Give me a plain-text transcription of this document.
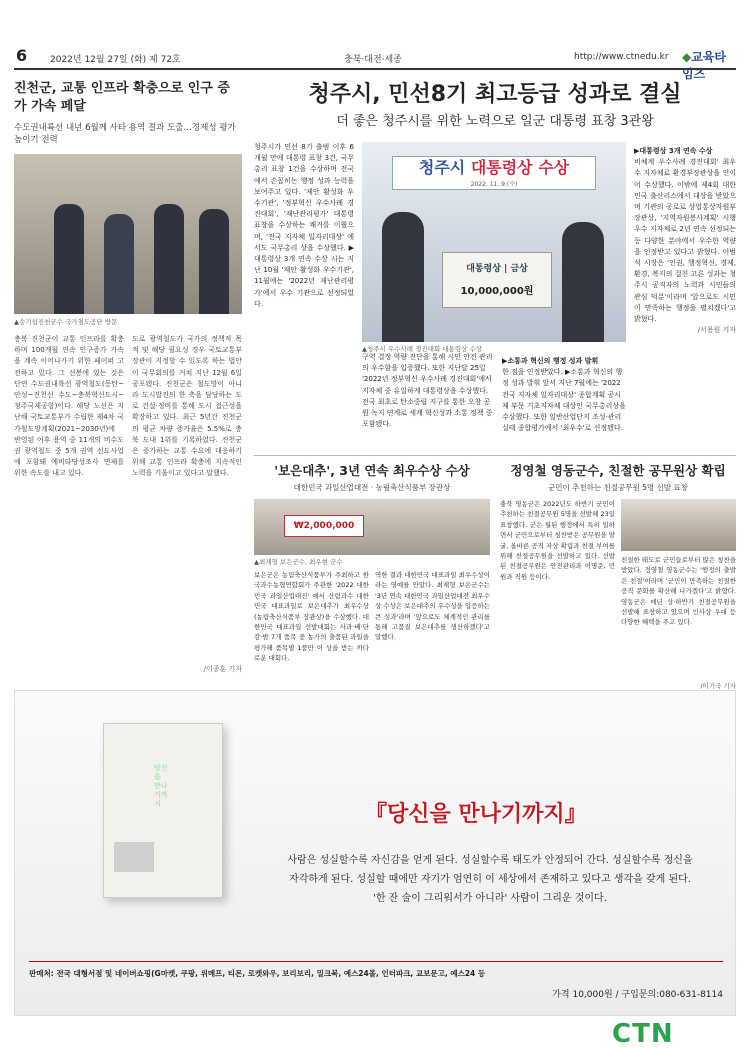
6	2022년 12월 27일 (화) 제 72호	충북·대전·세종	http://www.ctnedu.kr ◆교육타임즈
진천군, 교통 인프라 확충으로 인구 증가 가속 페달
수도권내륙선 내년 6월께 사타 용역 결과 도출…경제성 평가 높이기 전력
▲송기섭진천군수 국가철도공단 방문
충북 진천군이 교통 인프라를 확충하며 100개월 연속 인구증가 가속을 계속 이어나가기 위한 페이퍼 고전하고 있다. 그 선봉에 있는 것은 단연 수도권내륙선 광역철도(동탄~안성~진천선 수도~충북혁신도시~청주국제공항)이다. 해당 노선은 지난해 국토교통부가 수립한 제4차 국가철도망계획(2021~2030년)에 반영된 이후 용역 중 11개의 비수도권 광역철도 중 5개 권역 선도사업에 포함돼 예비타당성조사 면제를 위한 속도를 내고 있다.
도로 광역철도가 국가의 정책적 목적 및 해당 필요성 경우 국토교통부 장관이 지정할 수 있도록 하는 법안이 국무회의를 거쳐 지난 12월 6일 공포됐다. 진천군은 철도망이 아니라 도시발전의 한 축을 담당하는 도로 건설·정비를 통해 도시 접근성을 확장하고 있다. 최근 5년간 진천군의 평균 차량 증가율은 5.5%로 충북 도내 1위를 기록하였다. 진천군은 증가하는 교통 수요에 대응하기 위해 교통 인프라 확충에 지속적인 노력을 기울이고 있다고 말했다.
/이종훈 기자
청주시, 민선8기 최고등급 성과로 결실
더 좋은 청주시를 위한 노력으로 일군 대통령 표창 3관왕
청주시가 민선 8기 출범 이후 6개월 만에 대통령 표창 3건, 국무총리 표창 1건을 수상하며 전국에서 손꼽히는 행정 성과 능력을 보여주고 있다. '제안 활성화 우수기관', '정부혁신 우수사례 경진대회', '재난관리평가' 대통령 표창을 수상하는 쾌거를 이뤘으며, '전국 지자체 일자리대상' 에서도 국무총리 상을 수상했다. ▶대통령상 3개 연속 수상 시는 지난 10월 '제안 활성화 우수기관', 11월에는 '2022년 재난관리평가'에서 우수 기관으로 선정되었다.
청주시 대통령상 수상
2022. 11. 9.(수)
대통령상 | 금상
10,000,000원
▲청주시 우수사례 경진대회 대통령상 수상
구역 결정 역량 진단을 통해 시민 안전 관리의 우수함을 입증했다. 또한 지난달 25일 '2022년 정부혁신 우수사례 경진대회'에서 지자체 중 유일하게 대통령상을 수상했다. 전국 최초로 탄소중립 지구를 통한 오창 공원 녹지 연계로 세계 혁신성과 소통 정책 중 포함됐다.
▶소통과 혁신의 행정 성과 발휘
한 점을 인정받았다. ▶소통과 혁신의 행정 성과 발휘 앞서 지난 7월에는 '2022 전국 지자체 일자리대상' 종합계획 공시제 부문 기초지자체 대상인 국무총리상을 수상했다. 또한 일반산업단지 조성·관리 실태 종합평가에서 '최우수'로 선정됐다.
▶대통령상 3개 연속 수상
비체계 우수사례 경진대회' 최우수 지자체로 환경부장관상을 연이어 수상했다. 이밖에 제4회 대한민국 출산리스에서 대상을 받았으며 기관의 공로로 상업통상자원부 장관상, '지역자원봉사계획' 시행 우수 지자체로 2년 연속 선정되는 등 다양한 분야에서 우수한 역량을 인정받고 있다고 밝혔다. 이범석 시장은 '인권, 행정혁신, 경제, 환경, 복지의 걸친 고른 성과는 청주시 공직자의 노력과 시민들의 관심 덕분'이라며 '앞으로도 시민이 만족하는 행정을 펼치겠다'고 밝혔다.
/서용원 기자
'보은대추', 3년 연속 최우수상 수상
대한민국 과일산업대전 · 농림축산식품부 장관상
₩2,000,000
▲최재형 보은군수, 최우현 군수
보은군은 농림축산식품부가 주최하고 한국과수농협연합회가 주관한 '2022 대한민국 과일산업대전' 에서 산림과수 대한민국 대표과일로 보은대추가 최우수상(농림축산식품부 장관상)을 수상했다. 대한민국 대표과일 선발대회는 사과·배·단감·밤 7개 품목 중 농가의 출품된 과일을 평가해 품목별 1품만 이 상을 받는 까다로운 대회다.
역한 결과 대한민국 대표과일 최우수상이라는 영예를 안았다. 최재형 보은군수는 '3년 연속 대한민국 과일산업대전 최우수상 수상은 보은대추의 우수성을 입증하는 큰 성과'라며 '앞으로도 체계적인 관리를 통해 고품질 보은대추를 생산하겠다'고 말했다.
정영철 영동군수, 친절한 공무원상 확립
군민이 추천하는 친절공무원 5명 선발 표창
충북 영동군은 2022년도 하반기 군민이 추천하는 친절공무원 5명을 선발해 23일 표창했다. 군은 월된 행정에서 특히 일하면서 군민으로부터 칭찬받은 공무원을 발굴, 올바른 공직 자상 확립과 친절 부여를 위해 친절공무원을 선발하고 있다. 선발된 친절공무원은 안전관리과 이명준, 민원과 직원 등이다.
친절한 태도로 군민들로부터 많은 칭찬을 받았다. 정영철 영동군수는 '행정의 출발은 친절'이라며 '군민이 만족하는 친절한 공직 문화를 확산해 나가겠다'고 밝혔다. 영동군은 매년 상·하반기 친절공무원을 선발해 표창하고 있으며 인사상 우대 등 다양한 혜택을 주고 있다.
/이기국 기자
당신을 만나기까지	『당신을 만나기까지』
사람은 성실할수록 자신감을 얻게 된다. 성실할수록 태도가 안정되어 간다. 성실할수록 정신을
자각하게 된다. 성실할 때에만 자기가 엄연히 이 세상에서 존재하고 있다고 생각을 갖게 된다.
'한 잔 술이 그리워서가 아니라' 사람이 그리운 것이다.
판매처: 전국 대형서점 및 네이버쇼핑(G마켓, 쿠팡, 위메프, 티몬, 로켓와우, 보리보리, 밀크북, 예스24몰, 인터파크, 교보문고, 예스24 등
가격 10,000원 / 구입문의:080-631-8114
CTN
